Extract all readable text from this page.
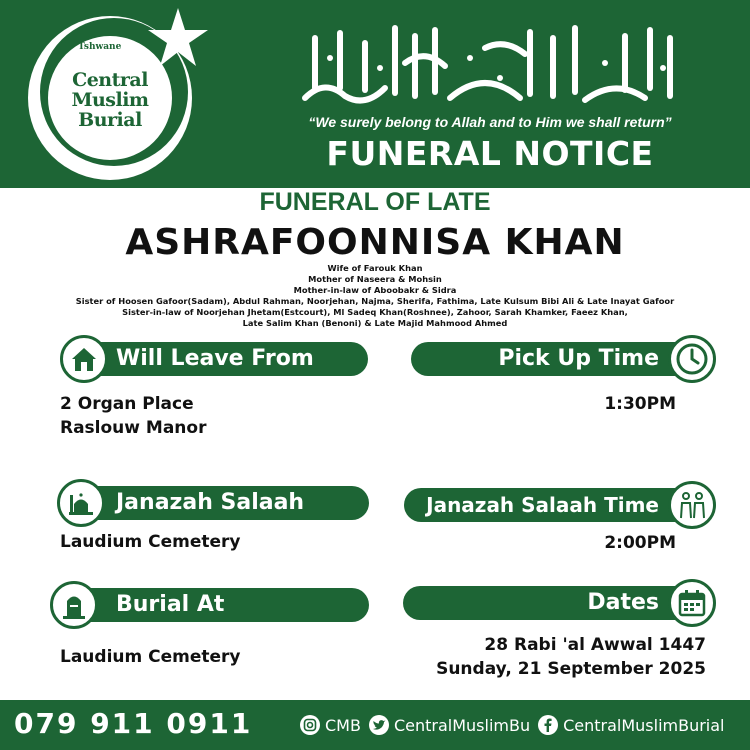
Tshwane
Central
Muslim
Burial	“We surely belong to Allah and to Him we shall return”
FUNERAL NOTICE
FUNERAL OF LATE
ASHRAFOONNISA KHAN
Wife of Farouk Khan
Mother of Naseera & Mohsin
Mother-in-law of Aboobakr & Sidra
Sister of Hoosen Gafoor(Sadam), Abdul Rahman, Noorjehan, Najma, Sherifa, Fathima, Late Kulsum Bibi Ali & Late Inayat Gafoor
Sister-in-law of Noorjehan Jhetam(Estcourt), Ml Sadeq Khan(Roshnee), Zahoor, Sarah Khamker, Faeez Khan,
Late Salim Khan (Benoni) & Late Majid Mahmood Ahmed
Will Leave From
2 Organ Place
Raslouw Manor
Pick Up Time
1:30PM
Janazah Salaah
Laudium Cemetery
Janazah Salaah Time
2:00PM
Burial At
Laudium Cemetery
Dates
28 Rabi 'al Awwal 1447
Sunday, 21 September 2025
079 911 0911	CMB CentralMuslimBu CentralMuslimBurial
